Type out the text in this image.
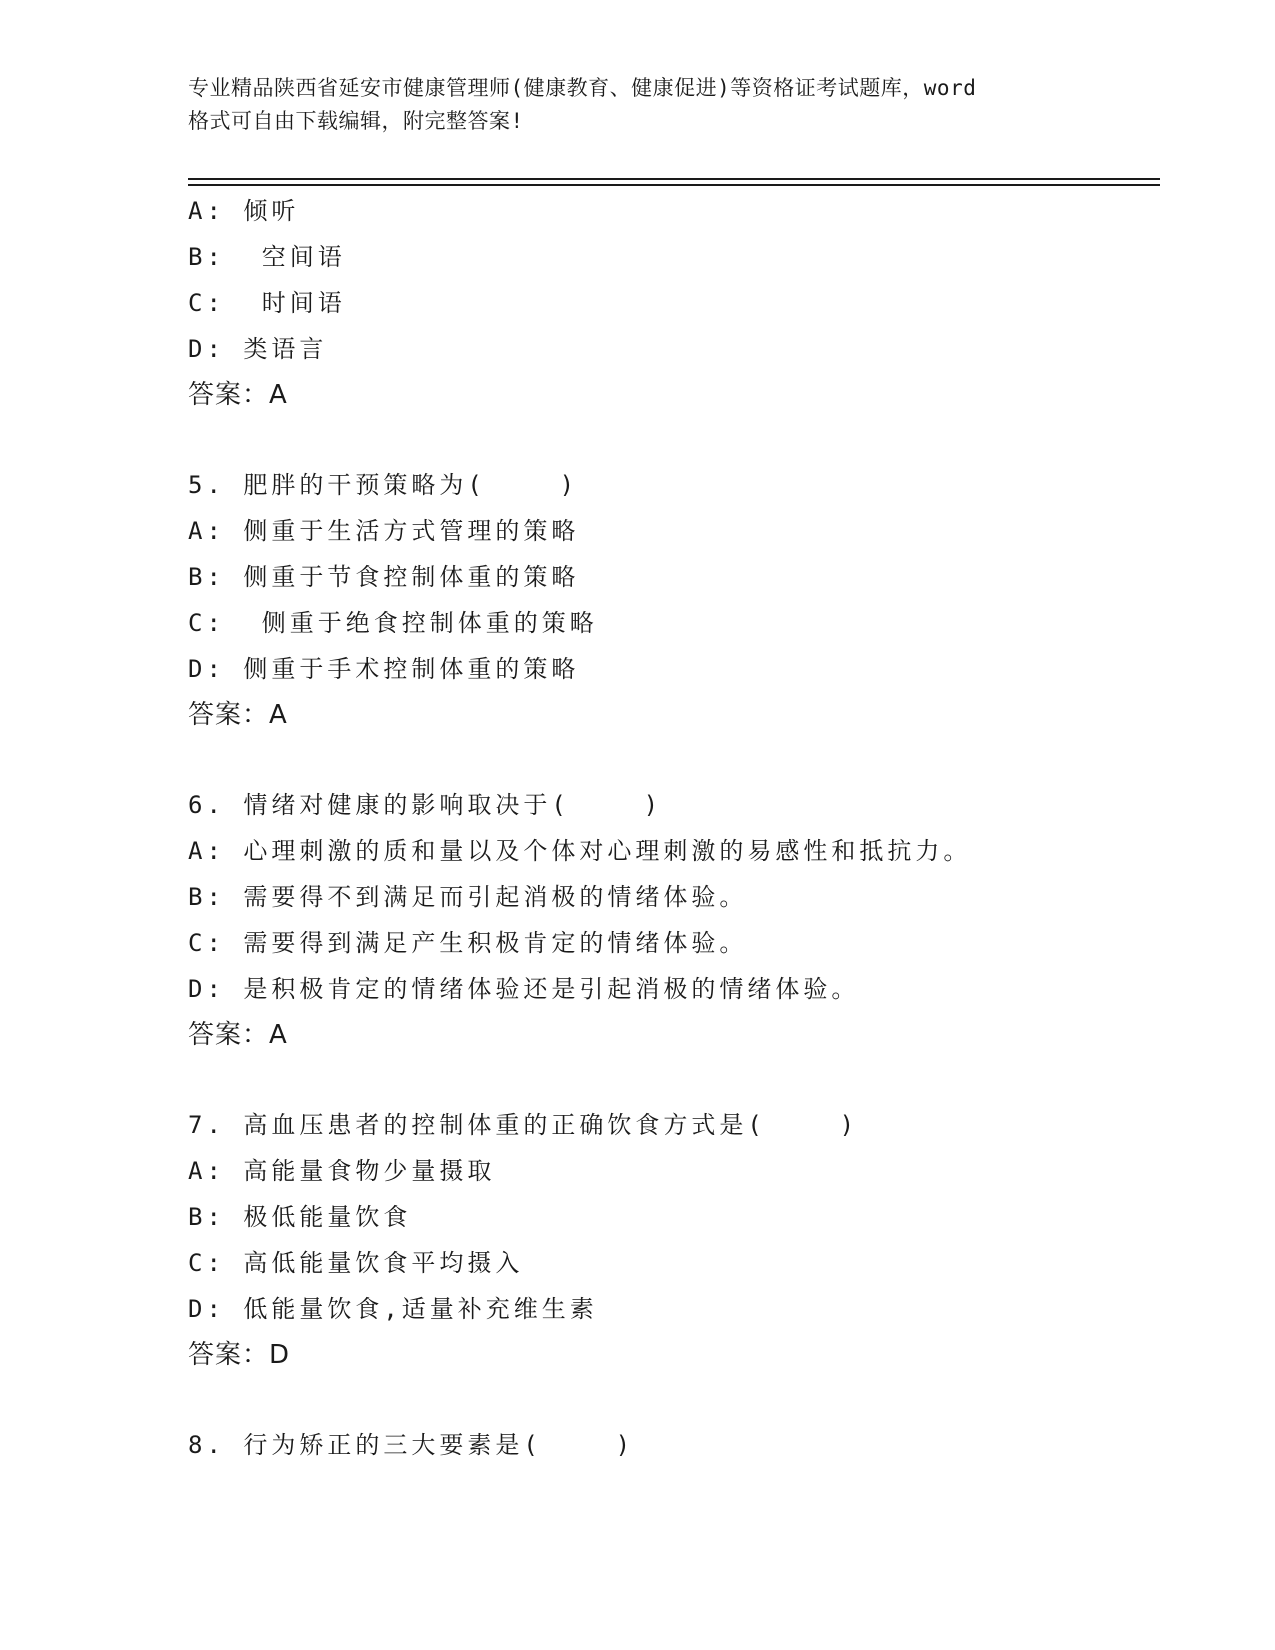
专业精品陕西省延安市健康管理师(健康教育、健康促进)等资格证考试题库，word
格式可自由下载编辑，附完整答案!
A: 倾听
B:  空间语
C:  时间语
D: 类语言
答案：A
5. 肥胖的干预策略为(    )
A: 侧重于生活方式管理的策略
B: 侧重于节食控制体重的策略
C:  侧重于绝食控制体重的策略
D: 侧重于手术控制体重的策略
答案：A
6. 情绪对健康的影响取决于(    )
A: 心理刺激的质和量以及个体对心理刺激的易感性和抵抗力。
B: 需要得不到满足而引起消极的情绪体验。
C: 需要得到满足产生积极肯定的情绪体验。
D: 是积极肯定的情绪体验还是引起消极的情绪体验。
答案：A
7. 高血压患者的控制体重的正确饮食方式是(    )
A: 高能量食物少量摄取
B: 极低能量饮食
C: 高低能量饮食平均摄入
D: 低能量饮食,适量补充维生素
答案：D
8. 行为矫正的三大要素是(    )
